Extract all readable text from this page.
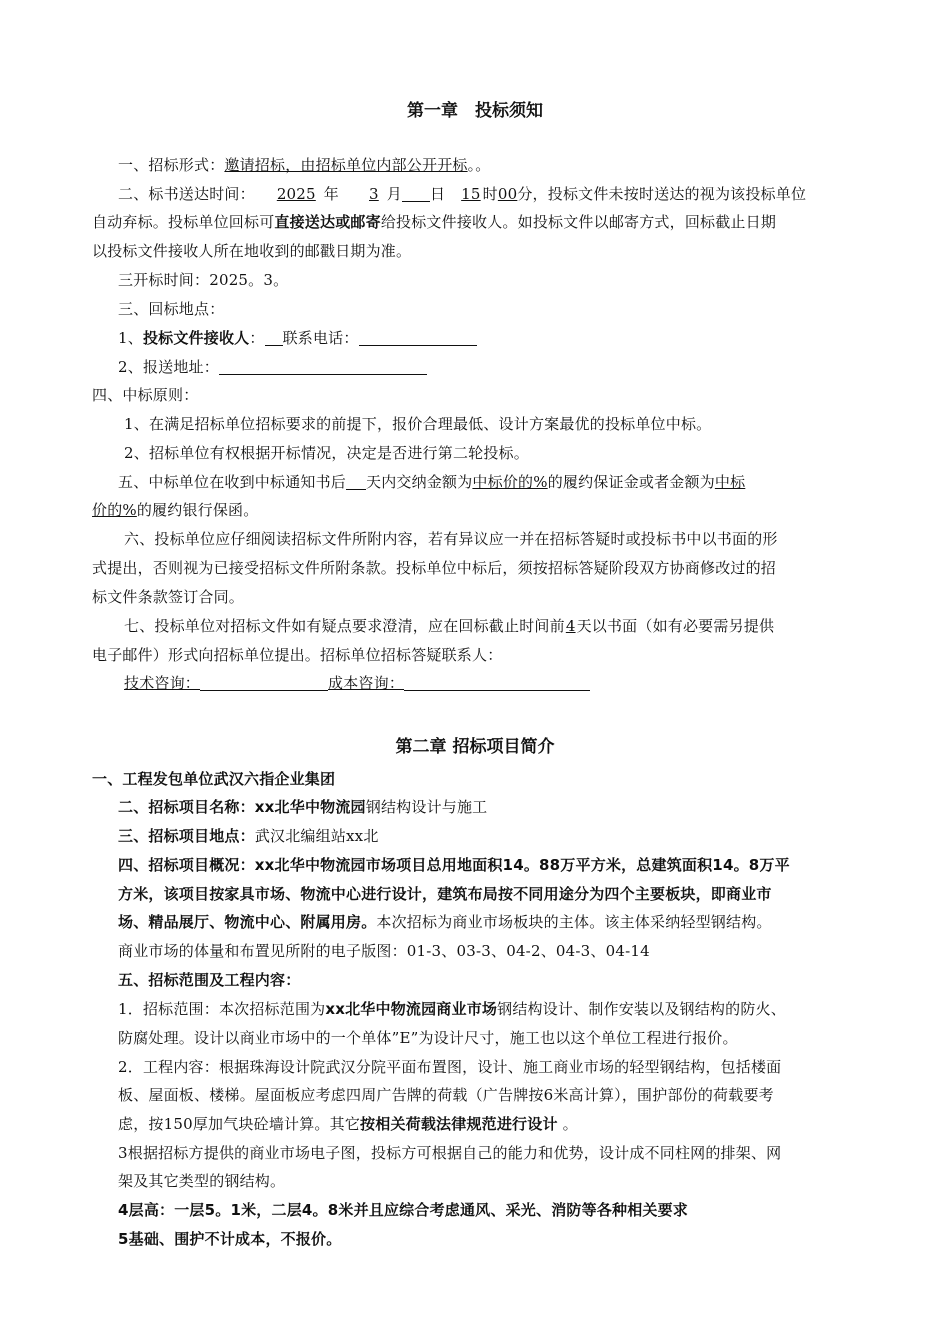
第一章　投标须知
一、招标形式：邀请招标，由招标单位内部公开开标。。
二、标书送达时间： 2025 年 3 月 日 15 时00分，投标文件未按时送达的视为该投标单位
自动弃标。投标单位回标可直接送达或邮寄给投标文件接收人。如投标文件以邮寄方式，回标截止日期
以投标文件接收人所在地收到的邮戳日期为准。
三开标时间：2025。3。
三、回标地点：
1、投标文件接收人： 联系电话：
2、报送地址：
四、中标原则：
1、在满足招标单位招标要求的前提下，报价合理最低、设计方案最优的投标单位中标。
2、招标单位有权根据开标情况，决定是否进行第二轮投标。
五、中标单位在收到中标通知书后 天内交纳金额为中标价的%的履约保证金或者金额为中标
价的%的履约银行保函。
六、投标单位应仔细阅读招标文件所附内容，若有异议应一并在招标答疑时或投标书中以书面的形
式提出，否则视为已接受招标文件所附条款。投标单位中标后，须按招标答疑阶段双方协商修改过的招
标文件条款签订合同。
七、投标单位对招标文件如有疑点要求澄清，应在回标截止时间前4天以书面（如有必要需另提供
电子邮件）形式向招标单位提出。招标单位招标答疑联系人：
技术咨询：	成本咨询：
第二章 招标项目简介
一、工程发包单位武汉六指企业集团
二、招标项目名称：xx北华中物流园钢结构设计与施工
三、招标项目地点：武汉北编组站xx北
四、招标项目概况：xx北华中物流园市场项目总用地面积14。88万平方米，总建筑面积14。8万平
方米，该项目按家具市场、物流中心进行设计，建筑布局按不同用途分为四个主要板块，即商业市
场、精品展厅、物流中心、附属用房。本次招标为商业市场板块的主体。该主体采纳轻型钢结构。
商业市场的体量和布置见所附的电子版图：01-3、03-3、04-2、04-3、04-14
五、招标范围及工程内容：
1．招标范围：本次招标范围为xx北华中物流园商业市场钢结构设计、制作安装以及钢结构的防火、
防腐处理。设计以商业市场中的一个单体”E”为设计尺寸，施工也以这个单位工程进行报价。
2．工程内容：根据珠海设计院武汉分院平面布置图，设计、施工商业市场的轻型钢结构，包括楼面
板、屋面板、楼梯。屋面板应考虑四周广告牌的荷载（广告牌按6米高计算），围护部份的荷载要考
虑，按150厚加气块砼墙计算。其它按相关荷载法律规范进行设计 。
3根据招标方提供的商业市场电子图，投标方可根据自己的能力和优势，设计成不同柱网的排架、网
架及其它类型的钢结构。
4层高：一层5。1米，二层4。8米并且应综合考虑通风、采光、消防等各种相关要求
5基础、围护不计成本，不报价。
